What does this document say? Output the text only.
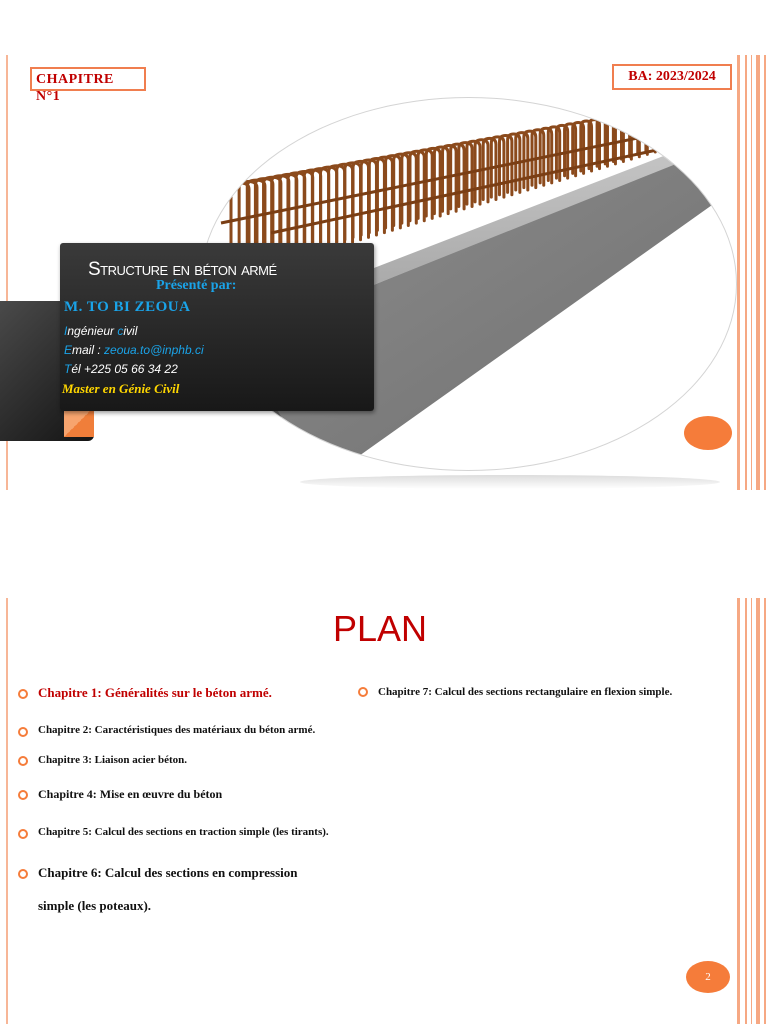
CHAPITRE
N°1
BA: 2023/2024
Structure en béton armé
Présenté par:
M. TO BI ZEOUA
Ingénieur civil
Email : zeoua.to@inphb.ci
Tél +225 05 66 34 22
Master en Génie Civil
PLAN
Chapitre 1: Généralités sur le béton armé.
Chapitre 2: Caractéristiques des matériaux du béton armé.
Chapitre 3: Liaison acier béton.
Chapitre 4: Mise en œuvre du béton
Chapitre 5: Calcul des sections en traction simple (les tirants).
Chapitre 6: Calcul des sections en compression simple (les poteaux).
Chapitre 7: Calcul des sections rectangulaire en flexion simple.
2
